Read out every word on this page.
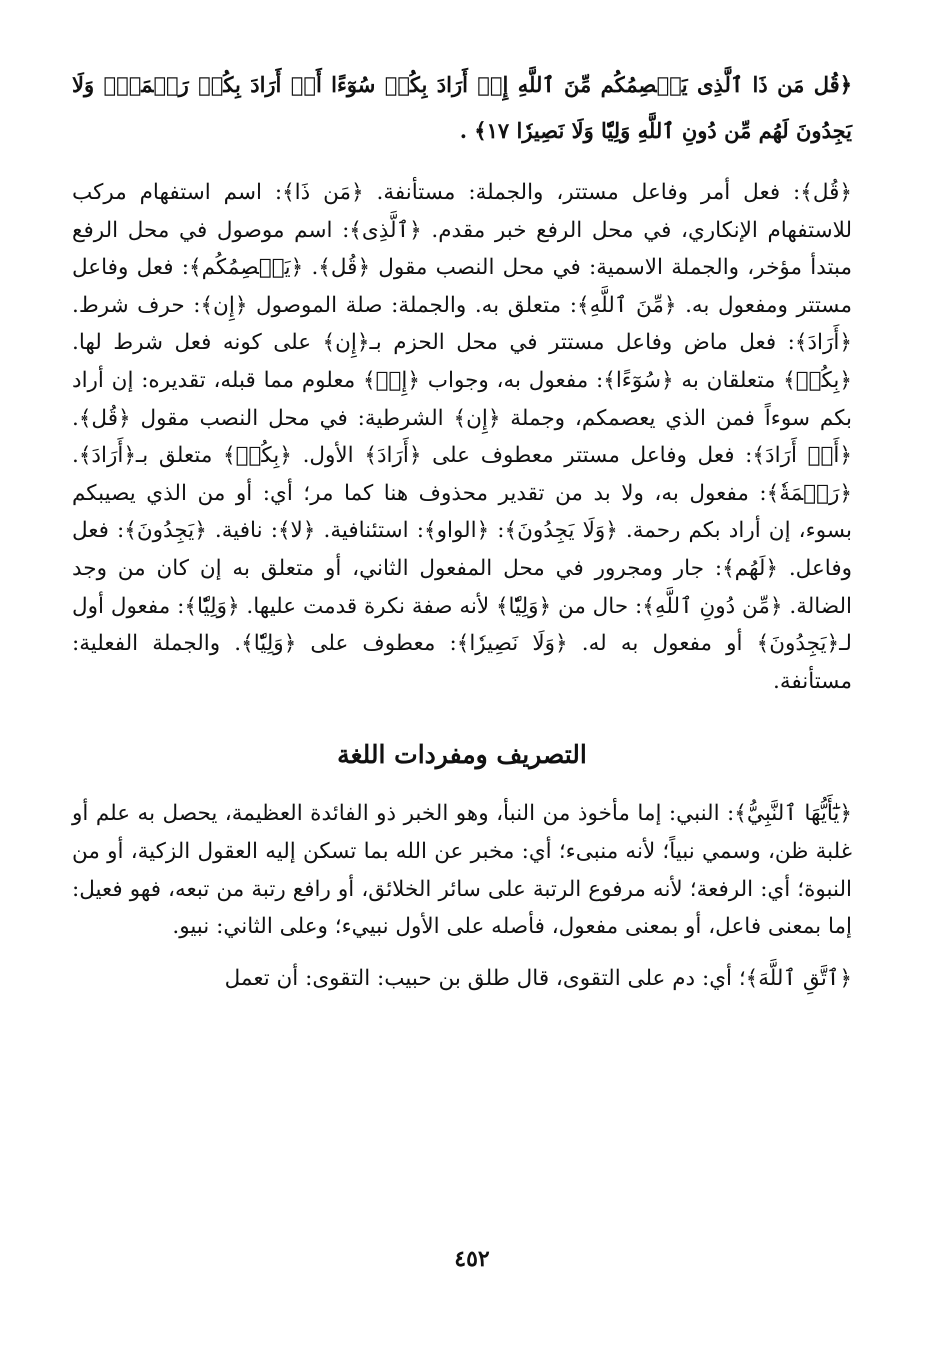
﴿قُل مَن ذَا ٱلَّذِى يَعۡصِمُكُم مِّنَ ٱللَّهِ إِنۡ أَرَادَ بِكُمۡ سُوٓءًا أَوۡ أَرَادَ بِكُمۡ رَحۡمَةٗۚ وَلَا يَجِدُونَ لَهُم مِّن دُونِ ٱللَّهِ وَلِيّٗا وَلَا نَصِيرٗا ١٧﴾ .

﴿قُل﴾: فعل أمر وفاعل مستتر، والجملة: مستأنفة. ﴿مَن ذَا﴾: اسم استفهام مركب للاستفهام الإنكاري، في محل الرفع خبر مقدم. ﴿ٱلَّذِى﴾: اسم موصول في محل الرفع مبتدأ مؤخر، والجملة الاسمية: في محل النصب مقول ﴿قُل﴾. ﴿يَعۡصِمُكُم﴾: فعل وفاعل مستتر ومفعول به. ﴿مِّنَ ٱللَّهِ﴾: متعلق به. والجملة: صلة الموصول ﴿إِن﴾: حرف شرط. ﴿أَرَادَ﴾: فعل ماض وفاعل مستتر في محل الحزم بـ﴿إِن﴾ على كونه فعل شرط لها. ﴿بِكُمۡ﴾ متعلقان به ﴿سُوٓءًا﴾: مفعول به، وجواب ﴿إِنۡ﴾ معلوم مما قبله، تقديره: إن أراد بكم سوءاً فمن الذي يعصمكم، وجملة ﴿إِن﴾ الشرطية: في محل النصب مقول ﴿قُل﴾. ﴿أَوۡ أَرَادَ﴾: فعل وفاعل مستتر معطوف على ﴿أَرَادَ﴾ الأول. ﴿بِكُمۡ﴾ متعلق بـ﴿أَرَادَ﴾. ﴿رَحۡمَةٗ﴾: مفعول به، ولا بد من تقدير محذوف هنا كما مر؛ أي: أو من الذي يصيبكم بسوء، إن أراد بكم رحمة. ﴿وَلَا يَجِدُونَ﴾: ﴿الواو﴾: استئنافية. ﴿لا﴾: نافية. ﴿يَجِدُونَ﴾: فعل وفاعل. ﴿لَهُم﴾: جار ومجرور في محل المفعول الثاني، أو متعلق به إن كان من وجد الضالة. ﴿مِّن دُونِ ٱللَّهِ﴾: حال من ﴿وَلِيّٗا﴾ لأنه صفة نكرة قدمت عليها. ﴿وَلِيّٗا﴾: مفعول أول لـ﴿يَجِدُونَ﴾ أو مفعول به له. ﴿وَلَا نَصِيرٗا﴾: معطوف على ﴿وَلِيّٗا﴾. والجملة الفعلية: مستأنفة.

التصريف ومفردات اللغة

﴿يَٰٓأَيُّهَا ٱلنَّبِيُّ﴾: النبي: إما مأخوذ من النبأ، وهو الخبر ذو الفائدة العظيمة، يحصل به علم أو غلبة ظن، وسمي نبياً؛ لأنه منبىء؛ أي: مخبر عن الله بما تسكن إليه العقول الزكية، أو من النبوة؛ أي: الرفعة؛ لأنه مرفوع الرتبة على سائر الخلائق، أو رافع رتبة من تبعه، فهو فعيل: إما بمعنى فاعل، أو بمعنى مفعول، فأصله على الأول نبييء؛ وعلى الثاني: نبيو.

﴿ٱتَّقِ ٱللَّهَ﴾؛ أي: دم على التقوى، قال طلق بن حبيب: التقوى: أن تعمل

٤٥٢
